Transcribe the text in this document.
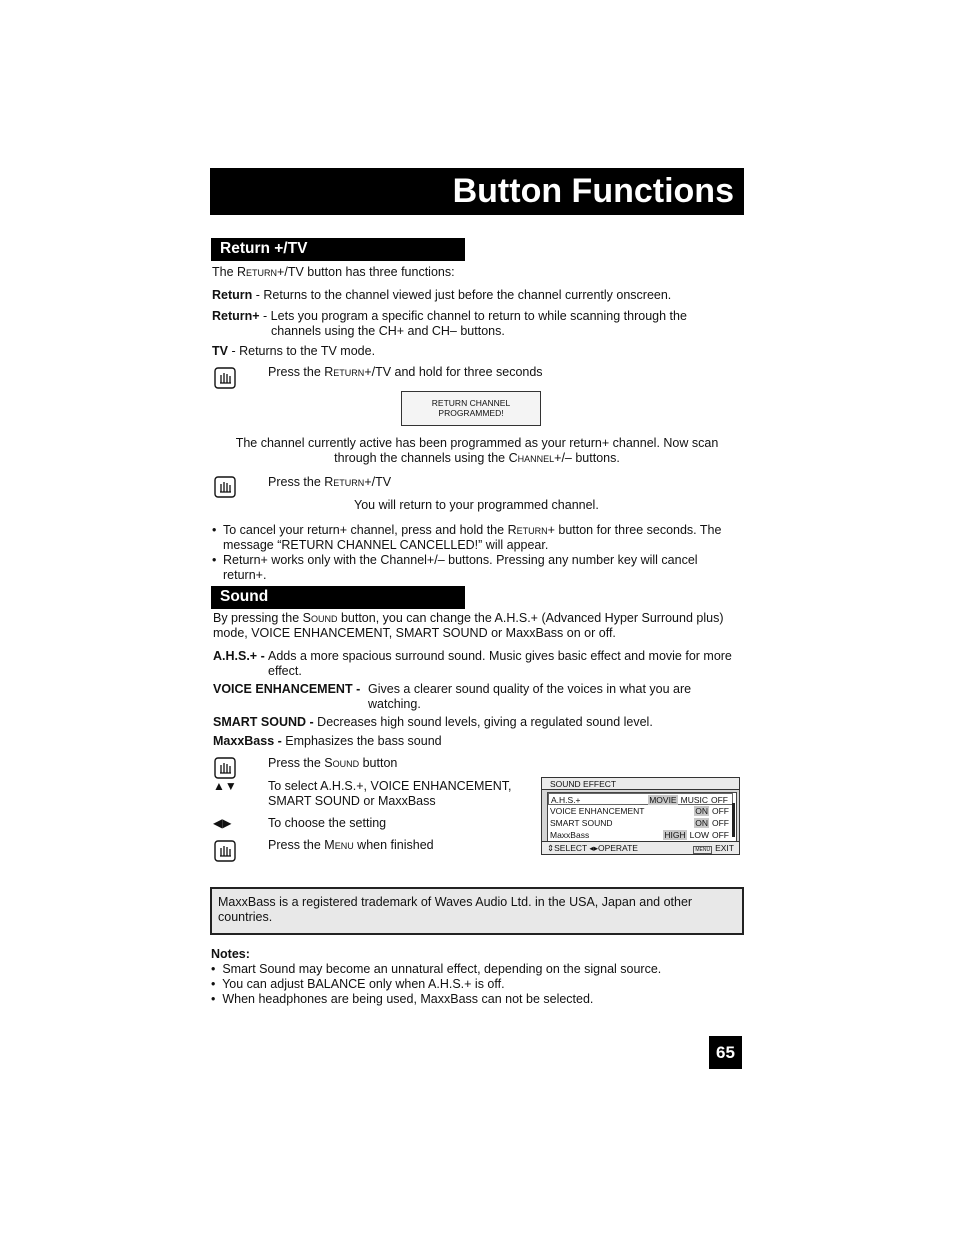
Button Functions
Return +/TV
The Return+/TV button has three functions:
Return - Returns to the channel viewed just before the channel currently onscreen.
Return+ - Lets you program a specific channel to return to while scanning through the
channels using the CH+ and CH– buttons.
TV - Returns to the TV mode.
Press the Return+/TV and hold for three seconds
RETURN CHANNEL
PROGRAMMED!
The channel currently active has been programmed as your return+ channel. Now scan
through the channels using the Channel+/– buttons.
Press the Return+/TV
You will return to your programmed channel.
• To cancel your return+ channel, press and hold the Return+ button for three seconds. The
message “RETURN CHANNEL CANCELLED!” will appear.
• Return+ works only with the Channel+/– buttons. Pressing any number key will cancel
return+.
Sound
By pressing the Sound button, you can change the A.H.S.+ (Advanced Hyper Surround plus)
mode, VOICE ENHANCEMENT, SMART SOUND or MaxxBass on or off.
A.H.S.+ - Adds a more spacious surround sound. Music gives basic effect and movie for more
effect.
VOICE ENHANCEMENT - Gives a clearer sound quality of the voices in what you are
watching.
SMART SOUND - Decreases high sound levels, giving a regulated sound level.
MaxxBass - Emphasizes the bass sound
Press the Sound button
▲▼ To select A.H.S.+, VOICE ENHANCEMENT,
SMART SOUND or MaxxBass
◀▶	To choose the setting
Press the Menu when finished
SOUND EFFECT
A.H.S.+	MOVIE MUSIC OFF
VOICE ENHANCEMENT	ON OFF
SMART SOUND	ON OFF
MaxxBass	HIGH LOW OFF
⇕SELECT ◂▸OPERATE	MENU EXIT
MaxxBass is a registered trademark of Waves Audio Ltd. in the USA, Japan and other
countries.
Notes:
•  Smart Sound may become an unnatural effect, depending on the signal source.
•  You can adjust BALANCE only when A.H.S.+ is off.
•  When headphones are being used, MaxxBass can not be selected.
65
